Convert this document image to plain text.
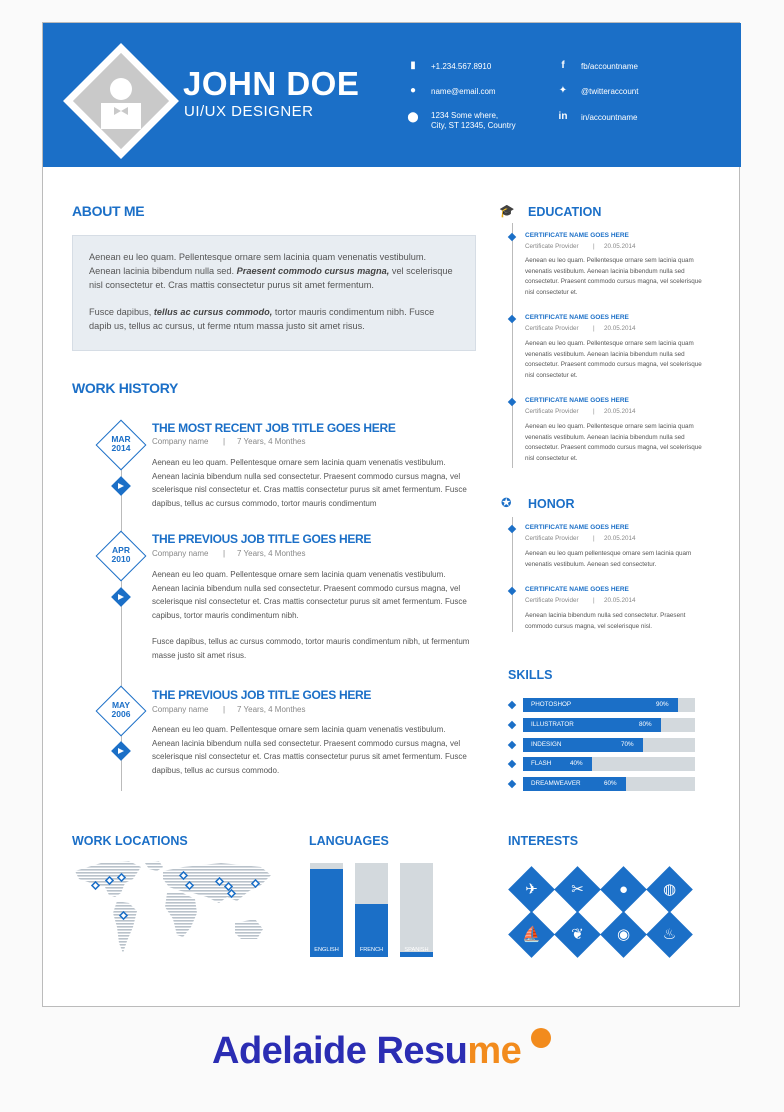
JOHN DOE
UI/UX DESIGNER
▮	+1.234.567.8910
●	name@email.com
⬤ 1234 Some where,
City, ST 12345, Country
f	fb/accountname
✦ @twitteraccount
in in/accountname
ABOUT ME

Aenean eu leo quam. Pellentesque ornare sem lacinia quam venenatis vestibulum. Aenean lacinia bibendum nulla sed. Praesent commodo cursus magna, vel scelerisque nisl consectetur et. Cras mattis consectetur purus sit amet fermentum.

Fusce dapibus, tellus ac cursus commodo, tortor mauris condimentum nibh. Fusce dapib us, tellus ac cursus, ut ferme ntum massa justo sit amet risus.

WORK HISTORY
MAR
2014
THE MOST RECENT JOB TITLE GOES HERE
Company name | 7 Years, 4 Monthes
Aenean eu leo quam. Pellentesque ornare sem lacinia quam venenatis vestibulum. Aenean lacinia bibendum nulla sed consectetur. Praesent commodo cursus magna, vel scelerisque nisl consectetur et. Cras mattis consectetur purus sit amet fermentum. Fusce dapibus, tellus ac cursus commodo, tortor mauris condimentum
APR
2010
THE PREVIOUS JOB TITLE GOES HERE
Company name | 7 Years, 4 Monthes

Aenean eu leo quam. Pellentesque ornare sem lacinia quam venenatis vestibulum. Aenean lacinia bibendum nulla sed consectetur. Praesent commodo cursus magna, vel scelerisque nisl consectetur et. Cras mattis consectetur purus sit amet fermentum. Fusce capibus, tortor mauris condimentum nibh.

Fusce dapibus, tellus ac cursus commodo, tortor mauris condimentum nibh, ut fermentum masse justo sit amet risus.

MAY
2006
THE PREVIOUS JOB TITLE GOES HERE
Company name | 7 Years, 4 Monthes
Aenean eu leo quam. Pellentesque ornare sem lacinia quam venenatis vestibulum. Aenean lacinia bibendum nulla sed consectetur. Praesent commodo cursus magna, vel scelerisque nisl consectetur et. Cras mattis consectetur purus sit amet fermentum. Fusce dapibus, tellus ac cursus commodo.
🎓 EDUCATION
CERTIFICATE NAME GOES HERE
Certificate Provider | 20.05.2014
Aenean eu leo quam. Pellentesque ornare sem lacinia quam venenatis vestibulum. Aenean lacinia bibendum nulla sed consectetur. Praesent commodo cursus magna, vel scelerisque nisl consectetur et.
CERTIFICATE NAME GOES HERE
Certificate Provider | 20.05.2014
Aenean eu leo quam. Pellentesque ornare sem lacinia quam venenatis vestibulum. Aenean lacinia bibendum nulla sed consectetur. Praesent commodo cursus magna, vel scelerisque nisl consectetur et.
CERTIFICATE NAME GOES HERE
Certificate Provider | 20.05.2014
Aenean eu leo quam. Pellentesque ornare sem lacinia quam venenatis vestibulum. Aenean lacinia bibendum nulla sed consectetur. Praesent commodo cursus magna, vel scelerisque nisl consectetur et.
✪ HONOR
CERTIFICATE NAME GOES HERE
Certificate Provider | 20.05.2014
Aenean eu leo quam pellentesque ornare sem lacinia quam venenatis vestibulum. Aenean sed consectetur.
CERTIFICATE NAME GOES HERE
Certificate Provider | 20.05.2014
Aenean lacinia bibendum nulla sed consectetur. Praesent commodo cursus magna, vel scelerisque nisl.
SKILLS
PHOTOSHOP	90%
ILLUSTRATOR	80%
INDESIGN	70%
FLASH	40%
DREAMWEAVER	60%
WORK LOCATIONS	LANGUAGES
ENGLISH	FRENCH	SPANISH
INTERESTS
✈	✂	●	◍
⛵	❦	◉	♨
Adelaide Resume
